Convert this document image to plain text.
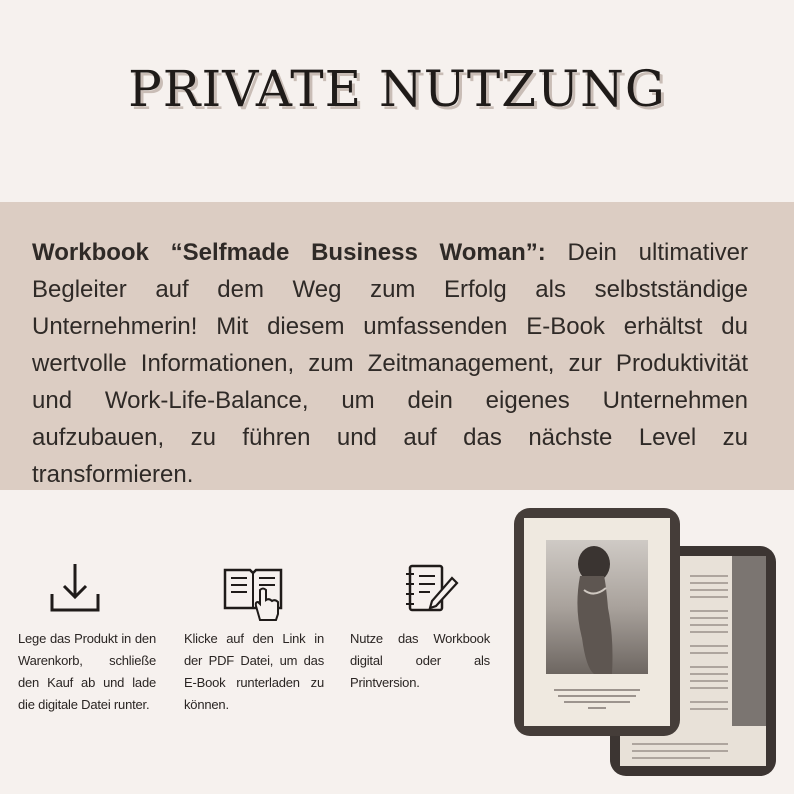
PRIVATE NUTZUNG
Workbook “Selfmade Business Woman”: Dein ultimativer Begleiter auf dem Weg zum Erfolg als selbstständige Unternehmerin! Mit diesem umfassenden E-Book erhältst du wertvolle Informationen, zum Zeitmanagement, zur Produktivität und Work-Life-Balance, um dein eigenes Unternehmen aufzubauen, zu führen und auf das nächste Level zu transformieren.
Lege das Produkt in den Warenkorb, schließe den Kauf ab und lade die digitale Datei runter.
Klicke auf den Link in der PDF Datei, um das E-Book runterladen zu können.
Nutze das Workbook digital oder als Printversion.
